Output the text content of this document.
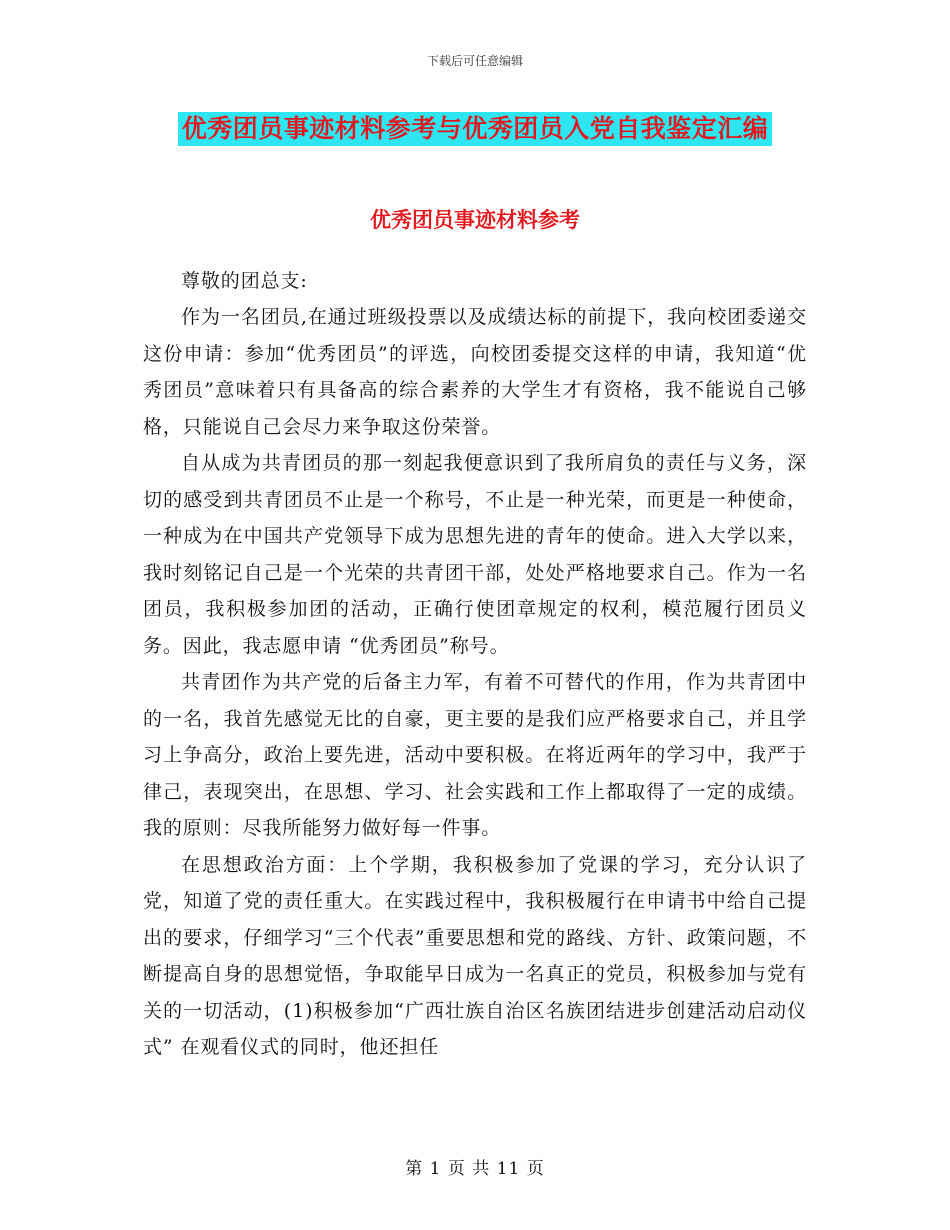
下载后可任意编辑
优秀团员事迹材料参考与优秀团员入党自我鉴定汇编
优秀团员事迹材料参考

尊敬的团总支:

作为一名团员,在通过班级投票以及成绩达标的前提下，我向校团委递交这份申请：参加“优秀团员”的评选，向校团委提交这样的申请，我知道“优秀团员”意味着只有具备高的综合素养的大学生才有资格，我不能说自己够格，只能说自己会尽力来争取这份荣誉。

自从成为共青团员的那一刻起我便意识到了我所肩负的责任与义务，深切的感受到共青团员不止是一个称号，不止是一种光荣，而更是一种使命，一种成为在中国共产党领导下成为思想先进的青年的使命。进入大学以来，我时刻铭记自己是一个光荣的共青团干部，处处严格地要求自己。作为一名团员，我积极参加团的活动，正确行使团章规定的权利，模范履行团员义务。因此，我志愿申请 “优秀团员”称号。

共青团作为共产党的后备主力军，有着不可替代的作用，作为共青团中的一名，我首先感觉无比的自豪，更主要的是我们应严格要求自己，并且学习上争高分，政治上要先进，活动中要积极。在将近两年的学习中，我严于律己，表现突出，在思想、学习、社会实践和工作上都取得了一定的成绩。我的原则：尽我所能努力做好每一件事。

在思想政治方面：上个学期，我积极参加了党课的学习，充分认识了党，知道了党的责任重大。在实践过程中，我积极履行在申请书中给自己提出的要求，仔细学习“三个代表”重要思想和党的路线、方针、政策问题，不断提高自身的思想觉悟，争取能早日成为一名真正的党员，积极参加与党有关的一切活动，(1)积极参加“广西壮族自治区名族团结进步创建活动启动仪式” 在观看仪式的同时，他还担任

第 1 页 共 11 页
